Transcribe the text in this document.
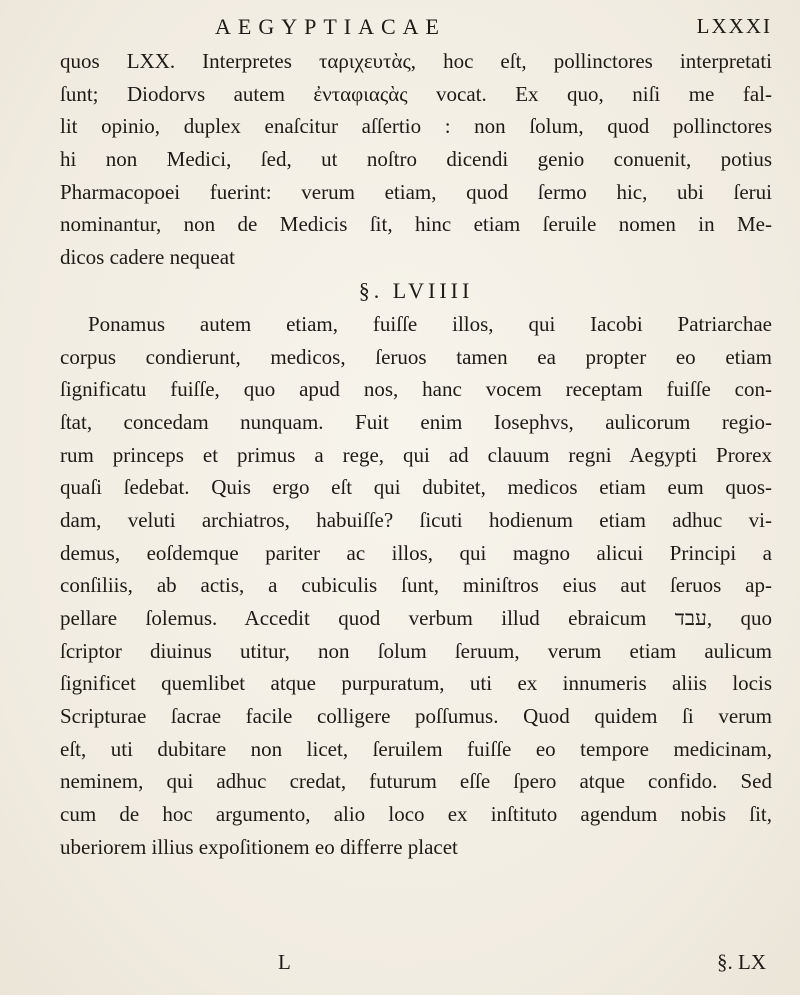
AEGYPTIACAE	LXXXI
quos LXX. Interpretes ταριχευτὰς, hoc eſt, pollinctores interpretati
ſunt; Diodorvs autem ἐνταφιαςὰς vocat. Ex quo, niſi me fal-
lit opinio, duplex enaſcitur aſſertio : non ſolum, quod pollinctores
hi non Medici, ſed, ut noſtro dicendi genio conuenit, potius
Pharmacopoei fuerint: verum etiam, quod ſermo hic, ubi ſerui
nominantur, non de Medicis ſit, hinc etiam ſeruile nomen in Me-
dicos cadere nequeat
§. LVIIII
Ponamus autem etiam, fuiſſe illos, qui Iacobi Patriarchae
corpus condierunt, medicos, ſeruos tamen ea propter eo etiam
ſignificatu fuiſſe, quo apud nos, hanc vocem receptam fuiſſe con-
ſtat, concedam nunquam. Fuit enim Iosephvs, aulicorum regio-
rum princeps et primus a rege, qui ad clauum regni Aegypti Prorex
quaſi ſedebat. Quis ergo eſt qui dubitet, medicos etiam eum quos-
dam, veluti archiatros, habuiſſe? ſicuti hodienum etiam adhuc vi-
demus, eoſdemque pariter ac illos, qui magno alicui Principi a
conſiliis, ab actis, a cubiculis ſunt, miniſtros eius aut ſeruos ap-
pellare ſolemus. Accedit quod verbum illud ebraicum עבד, quo
ſcriptor diuinus utitur, non ſolum ſeruum, verum etiam aulicum
ſignificet quemlibet atque purpuratum, uti ex innumeris aliis locis
Scripturae ſacrae facile colligere poſſumus. Quod quidem ſi verum
eſt, uti dubitare non licet, ſeruilem fuiſſe eo tempore medicinam,
neminem, qui adhuc credat, futurum eſſe ſpero atque confido. Sed
cum de hoc argumento, alio loco ex inſtituto agendum nobis ſit,
uberiorem illius expoſitionem eo differre placet
L	§. LX
